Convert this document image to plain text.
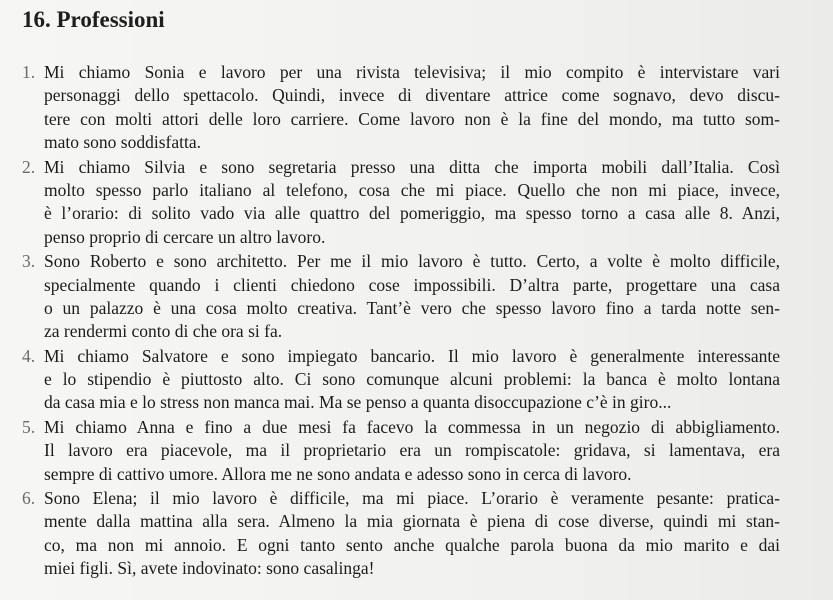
16. Professioni
1. Mi chiamo Sonia e lavoro per una rivista televisiva; il mio compito è intervistare vari
personaggi dello spettacolo. Quindi, invece di diventare attrice come sognavo, devo discu-
tere con molti attori delle loro carriere. Come lavoro non è la fine del mondo, ma tutto som-
mato sono soddisfatta.
2. Mi chiamo Silvia e sono segretaria presso una ditta che importa mobili dall’Italia. Così
molto spesso parlo italiano al telefono, cosa che mi piace. Quello che non mi piace, invece,
è l’orario: di solito vado via alle quattro del pomeriggio, ma spesso torno a casa alle 8. Anzi,
penso proprio di cercare un altro lavoro.
3. Sono Roberto e sono architetto. Per me il mio lavoro è tutto. Certo, a volte è molto difficile,
specialmente quando i clienti chiedono cose impossibili. D’altra parte, progettare una casa
o un palazzo è una cosa molto creativa. Tant’è vero che spesso lavoro fino a tarda notte sen-
za rendermi conto di che ora si fa.
4. Mi chiamo Salvatore e sono impiegato bancario. Il mio lavoro è generalmente interessante
e lo stipendio è piuttosto alto. Ci sono comunque alcuni problemi: la banca è molto lontana
da casa mia e lo stress non manca mai. Ma se penso a quanta disoccupazione c’è in giro...
5. Mi chiamo Anna e fino a due mesi fa facevo la commessa in un negozio di abbigliamento.
Il lavoro era piacevole, ma il proprietario era un rompiscatole: gridava, si lamentava, era
sempre di cattivo umore. Allora me ne sono andata e adesso sono in cerca di lavoro.
6. Sono Elena; il mio lavoro è difficile, ma mi piace. L’orario è veramente pesante: pratica-
mente dalla mattina alla sera. Almeno la mia giornata è piena di cose diverse, quindi mi stan-
co, ma non mi annoio. E ogni tanto sento anche qualche parola buona da mio marito e dai
miei figli. Sì, avete indovinato: sono casalinga!
